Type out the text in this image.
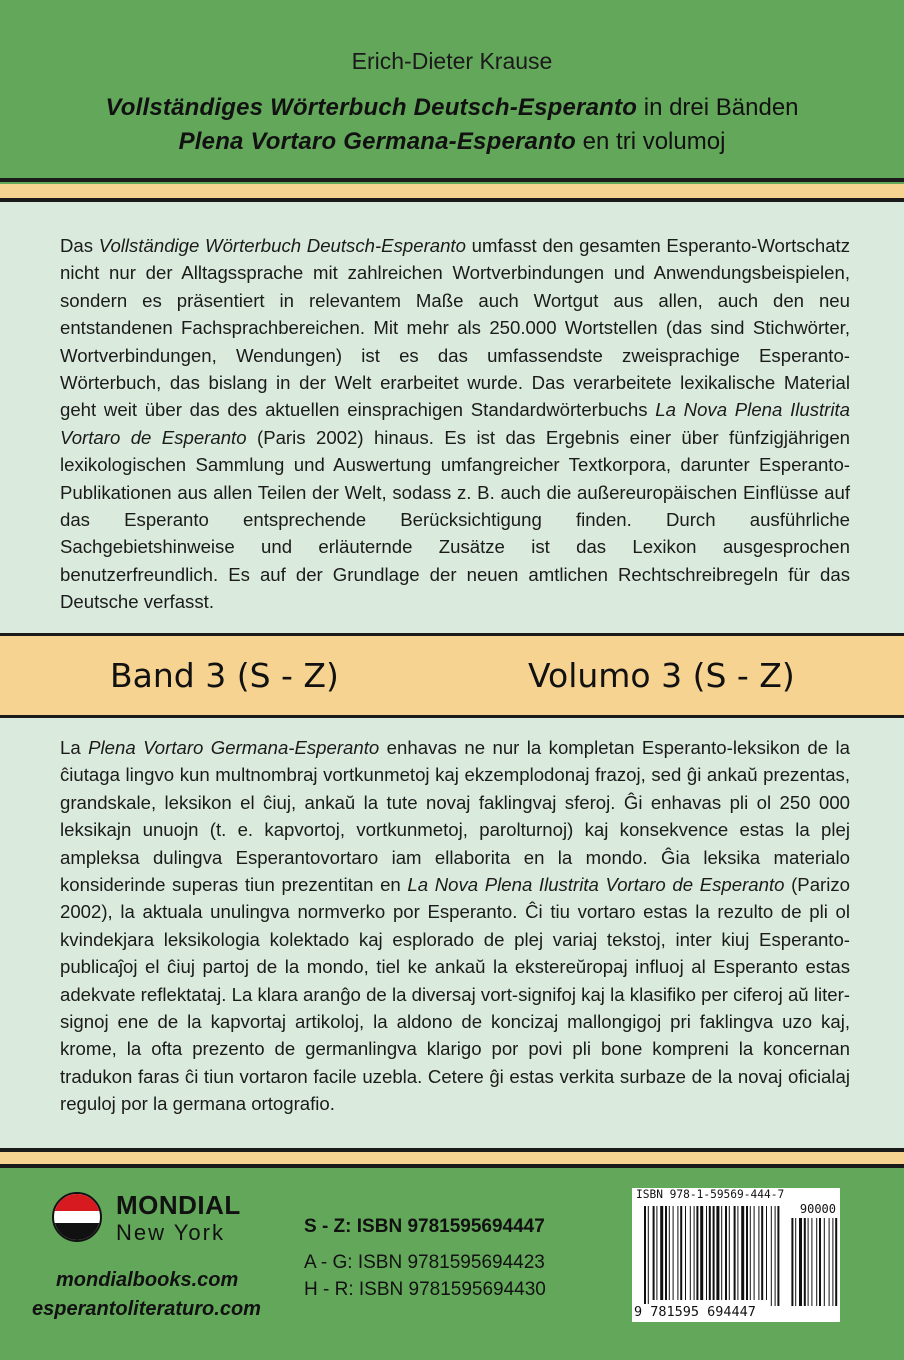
Erich-Dieter Krause
Vollständiges Wörterbuch Deutsch-Esperanto in drei Bänden
Plena Vortaro Germana-Esperanto en tri volumoj
Das Vollständige Wörterbuch Deutsch-Esperanto umfasst den gesamten Esperanto-Wortschatz nicht nur der Alltagssprache mit zahlreichen Wortverbindungen und Anwendungsbeispielen, sondern es präsentiert in relevantem Maße auch Wortgut aus allen, auch den neu entstandenen Fachsprachbereichen. Mit mehr als 250.000 Wortstellen (das sind Stichwörter, Wortverbindungen, Wendungen) ist es das umfassendste zweisprachige Esperanto-Wörterbuch, das bislang in der Welt erarbeitet wurde. Das verarbeitete lexikalische Material geht weit über das des aktuellen einsprachigen Standardwörterbuchs La Nova Plena Ilustrita Vortaro de Esperanto (Paris 2002) hinaus. Es ist das Ergebnis einer über fünfzigjährigen lexikologischen Sammlung und Auswertung umfangreicher Textkorpora, darunter Esperanto-Publikationen aus allen Teilen der Welt, sodass z. B. auch die außereuropäischen Einflüsse auf das Esperanto entsprechende Berücksichtigung finden. Durch ausführliche Sachgebietshinweise und erläuternde Zusätze ist das Lexikon ausgesprochen benutzerfreundlich. Es auf der Grundlage der neuen amtlichen Rechtschreibregeln für das Deutsche verfasst.
Band 3 (S - Z)	Volumo 3 (S - Z)
La Plena Vortaro Germana-Esperanto enhavas ne nur la kompletan Esperanto-leksikon de la ĉiutaga lingvo kun multnombraj vortkunmetoj kaj ekzemplodonaj frazoj, sed ĝi ankaŭ prezentas, grandskale, leksikon el ĉiuj, ankaŭ la tute novaj faklingvaj sferoj. Ĝi enhavas pli ol 250 000 leksikajn unuojn (t. e. kapvortoj, vortkunmetoj, parolturnoj) kaj konsekvence estas la plej ampleksa dulingva Esperantovortaro iam ellaborita en la mondo. Ĝia leksika materialo konsiderinde superas tiun prezentitan en La Nova Plena Ilustrita Vortaro de Esperanto (Parizo 2002), la aktuala unulingva normverko por Esperanto. Ĉi tiu vortaro estas la rezulto de pli ol kvindekjara leksikologia kolektado kaj esplorado de plej variaj tekstoj, inter kiuj Esperanto-publicaĵoj el ĉiuj partoj de la mondo, tiel ke ankaŭ la ekstereŭropaj influoj al Esperanto estas adekvate reflektataj. La klara aranĝo de la diversaj vort-signifoj kaj la klasifiko per ciferoj aŭ liter-signoj ene de la kapvortaj artikoloj, la aldono de koncizaj mallongigoj pri faklingva uzo kaj, krome, la ofta prezento de germanlingva klarigo por povi pli bone kompreni la koncernan tradukon faras ĉi tiun vortaron facile uzebla. Cetere ĝi estas verkita surbaze de la novaj oficialaj reguloj por la germana ortografio.
MONDIAL
New York
mondialbooks.com
esperantoliteraturo.com
S - Z: ISBN 9781595694447
A - G: ISBN 9781595694423
H - R: ISBN 9781595694430
ISBN 978-1-59569-444-7
90000
9 781595 694447
